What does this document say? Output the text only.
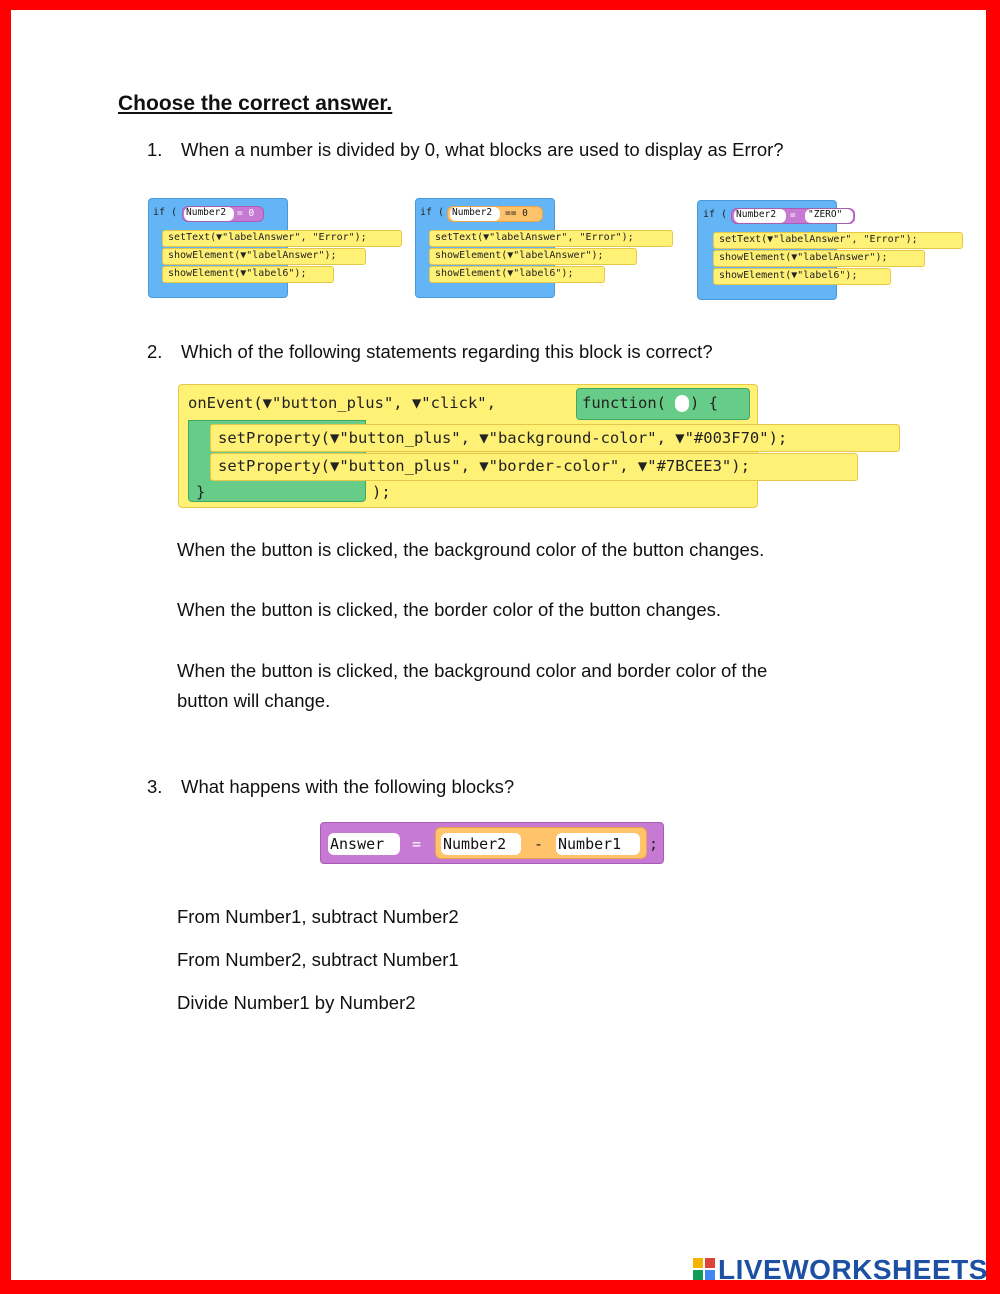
Choose the correct answer.
1. When a number is divided by 0, what blocks are used to display as Error?
if ( Number2	= 0
setText(▼"labelAnswer", "Error");
showElement(▼"labelAnswer");
showElement(▼"label6");
if ( Number2	== 0
setText(▼"labelAnswer", "Error");
showElement(▼"labelAnswer");
showElement(▼"label6");
if ( Number2	=	"ZERO"
setText(▼"labelAnswer", "Error");
showElement(▼"labelAnswer");
showElement(▼"label6");
2. Which of the following statements regarding this block is correct?
onEvent(▼"button_plus", ▼"click",	function( ) {
setProperty(▼"button_plus", ▼"background-color", ▼"#003F70");
setProperty(▼"button_plus", ▼"border-color", ▼"#7BCEE3");
}	);
When the button is clicked, the background color of the button changes.
When the button is clicked, the border color of the button changes.
When the button is clicked, the background color and border color of the
button will change.
3. What happens with the following blocks?
Answer	= Number2	- Number1	;
From Number1, subtract Number2
From Number2, subtract Number1
Divide Number1 by Number2
LIVEWORKSHEETS
